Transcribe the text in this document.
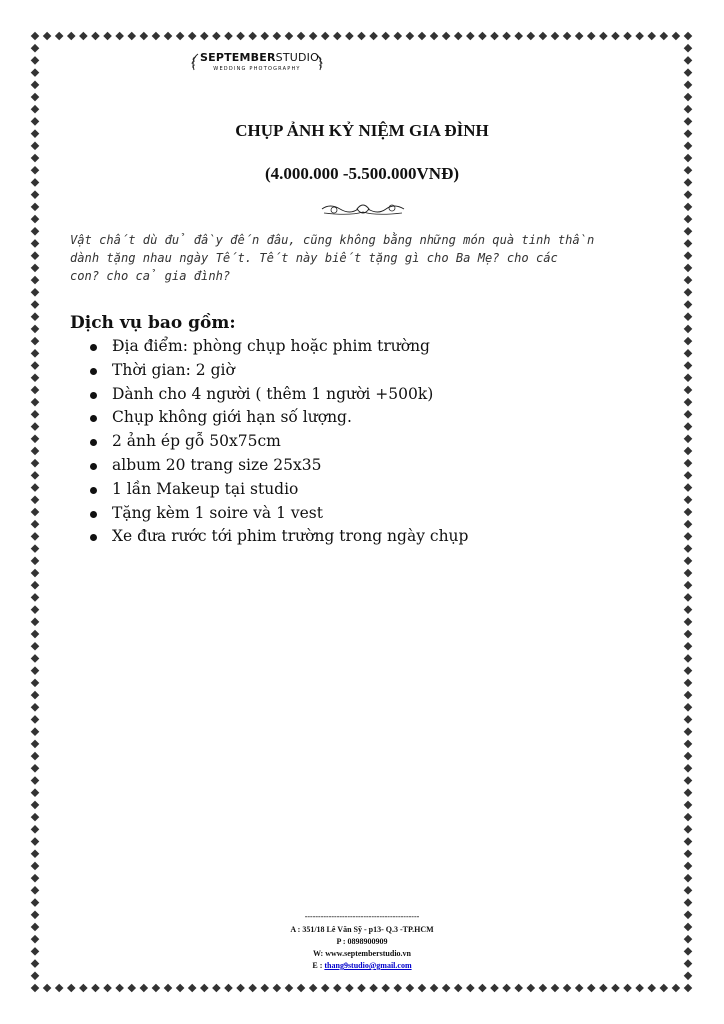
SEPTEMBERSTUDIO
WEDDING PHOTOGRAPHY
CHỤP ẢNH KỶ NIỆM GIA ĐÌNH
(4.000.000 -5.500.000VNĐ)
Vật chất dù đủ đầy đến đâu, cũng không bằng những món quà tinh thần
dành tặng nhau ngày Tết. Tết này biết tặng gì cho Ba Mẹ? cho các
con? cho cả gia đình?
Dịch vụ bao gồm:
Địa điểm: phòng chụp hoặc phim trường
Thời gian: 2 giờ
Dành cho 4 người ( thêm 1 người +500k)
Chụp không giới hạn số lượng.
2 ảnh ép gỗ 50x75cm
album 20 trang size 25x35
1 lần Makeup tại studio
Tặng kèm 1 soire và 1 vest
Xe đưa rước tới phim trường trong ngày chụp
-------------------------------------------
A : 351/18 Lê Văn Sỹ - p13- Q.3 -TP.HCM
P : 0898900909
W: www.septemberstudio.vn
E : thang9studio@gmail.com
